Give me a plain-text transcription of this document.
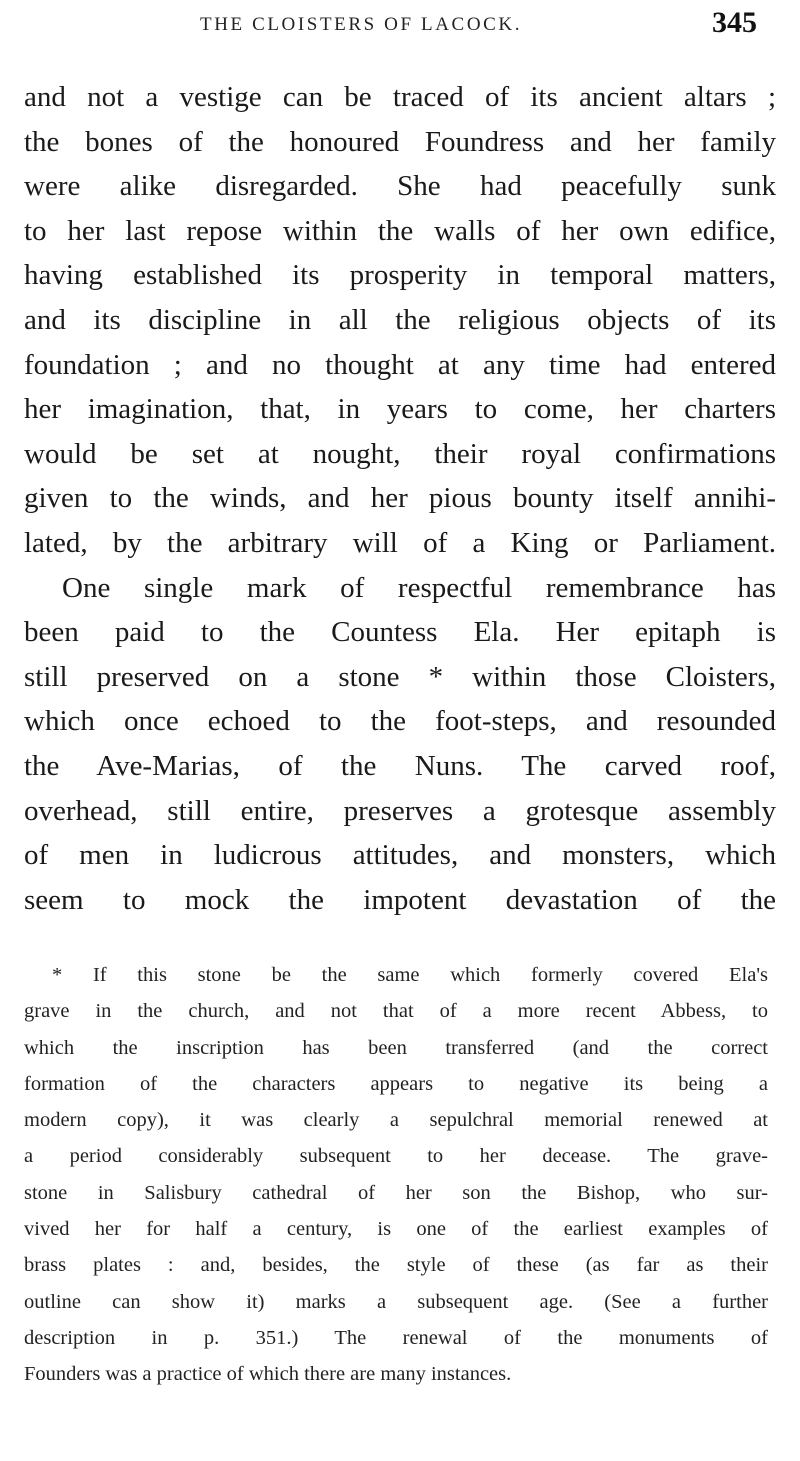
THE CLOISTERS OF LACOCK.	345
and not a vestige can be traced of its ancient altars ;
the bones of the honoured Foundress and her family
were alike disregarded. She had peacefully sunk
to her last repose within the walls of her own edifice,
having established its prosperity in temporal matters,
and its discipline in all the religious objects of its
foundation ; and no thought at any time had entered
her imagination, that, in years to come, her charters
would be set at nought, their royal confirmations
given to the winds, and her pious bounty itself annihi-
lated, by the arbitrary will of a King or Parliament.
One single mark of respectful remembrance has
been paid to the Countess Ela. Her epitaph is
still preserved on a stone * within those Cloisters,
which once echoed to the foot-steps, and resounded
the Ave-Marias, of the Nuns. The carved roof,
overhead, still entire, preserves a grotesque assembly
of men in ludicrous attitudes, and monsters, which
seem to mock the impotent devastation of the
* If this stone be the same which formerly covered Ela's
grave in the church, and not that of a more recent Abbess, to
which the inscription has been transferred (and the correct
formation of the characters appears to negative its being a
modern copy), it was clearly a sepulchral memorial renewed at
a period considerably subsequent to her decease. The grave-
stone in Salisbury cathedral of her son the Bishop, who sur-
vived her for half a century, is one of the earliest examples of
brass plates : and, besides, the style of these (as far as their
outline can show it) marks a subsequent age. (See a further
description in p. 351.) The renewal of the monuments of
Founders was a practice of which there are many instances.
